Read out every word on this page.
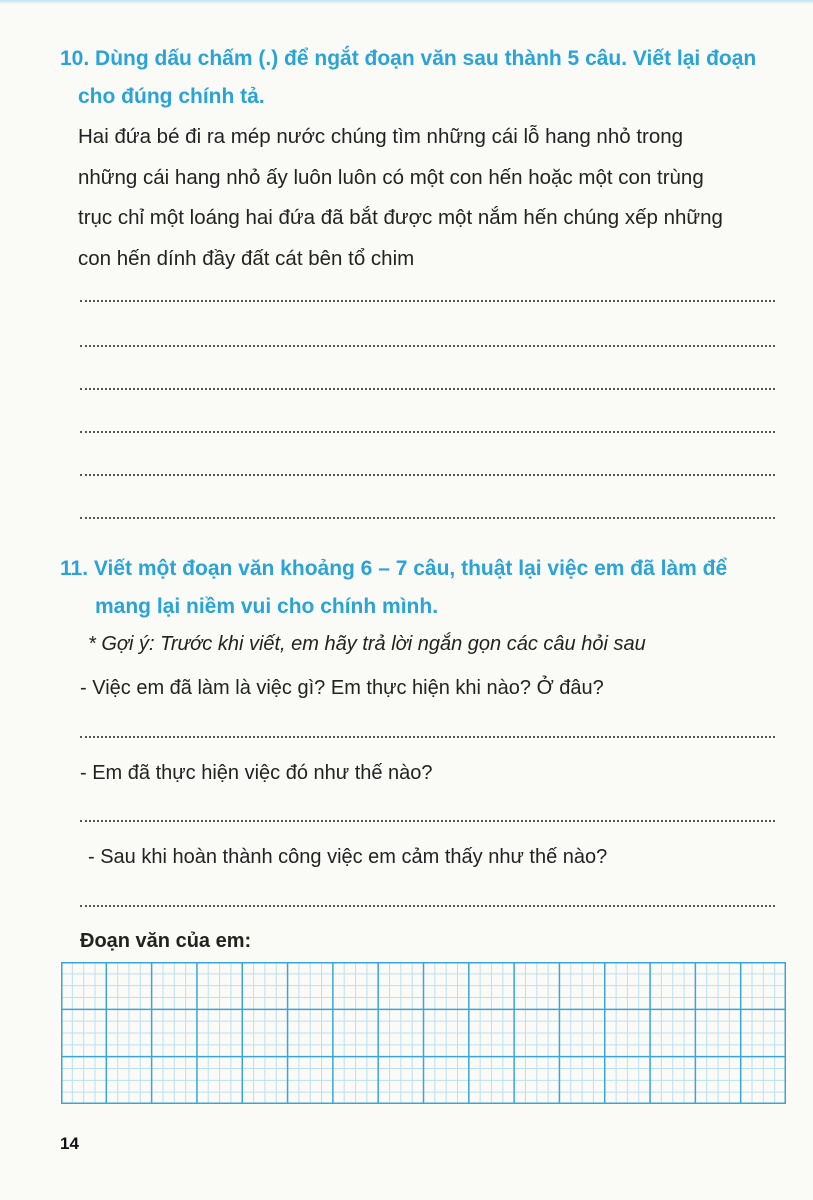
10. Dùng dấu chấm (.) để ngắt đoạn văn sau thành 5 câu. Viết lại đoạn
cho đúng chính tả.
Hai đứa bé đi ra mép nước chúng tìm những cái lỗ hang nhỏ trong
những cái hang nhỏ ấy luôn luôn có một con hến hoặc một con trùng
trục chỉ một loáng hai đứa đã bắt được một nắm hến chúng xếp những
con hến dính đầy đất cát bên tổ chim
11. Viết một đoạn văn khoảng 6 – 7 câu, thuật lại việc em đã làm để
mang lại niềm vui cho chính mình.
* Gợi ý: Trước khi viết, em hãy trả lời ngắn gọn các câu hỏi sau
- Việc em đã làm là việc gì? Em thực hiện khi nào? Ở đâu?
- Em đã thực hiện việc đó như thế nào?
- Sau khi hoàn thành công việc em cảm thấy như thế nào?
Đoạn văn của em:
14
